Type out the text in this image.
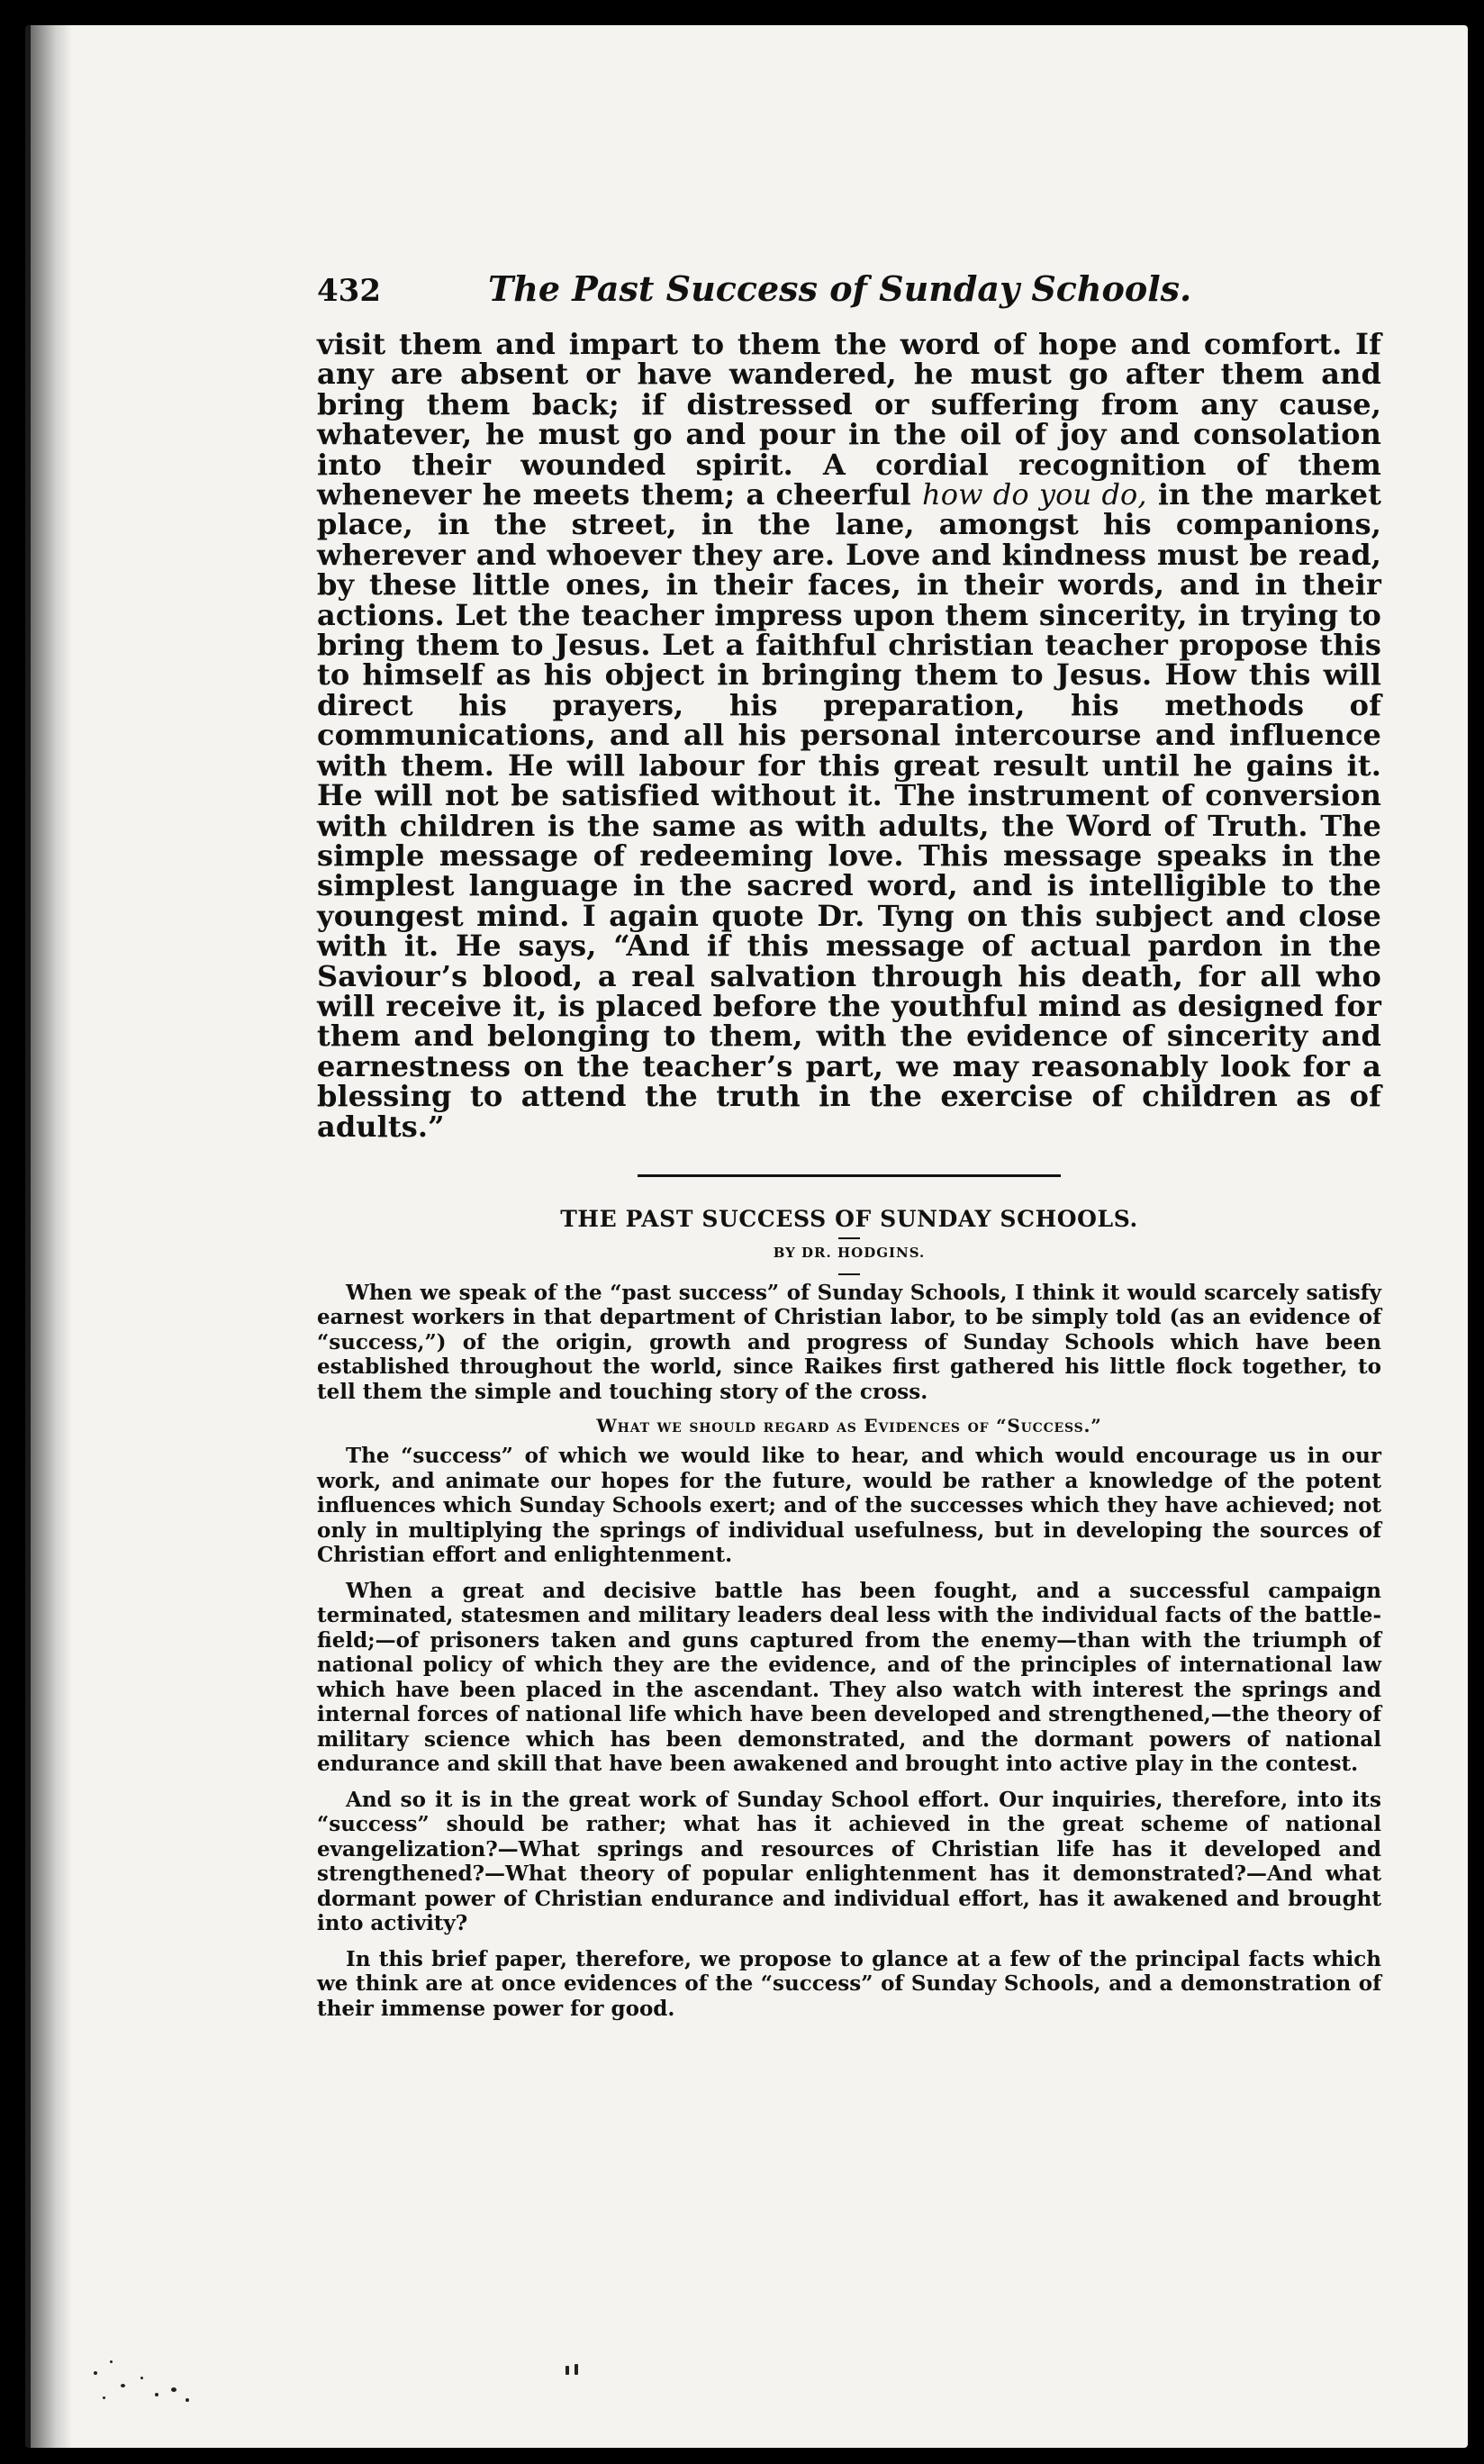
432	The Past Success of Sunday Schools.

visit them and impart to them the word of hope and comfort. If any are absent or have wandered, he must go after them and bring them back; if distressed or suffering from any cause, whatever, he must go and pour in the oil of joy and consolation into their wounded spirit. A cordial recognition of them whenever he meets them; a cheerful how do you do, in the market place, in the street, in the lane, amongst his companions, wherever and whoever they are. Love and kindness must be read, by these little ones, in their faces, in their words, and in their actions. Let the teacher impress upon them sincerity, in trying to bring them to Jesus. Let a faithful christian teacher propose this to himself as his object in bringing them to Jesus. How this will direct his prayers, his preparation, his methods of communications, and all his personal intercourse and influence with them. He will labour for this great result until he gains it. He will not be satisfied without it. The instrument of conversion with children is the same as with adults, the Word of Truth. The simple message of redeeming love. This message speaks in the simplest language in the sacred word, and is intelligible to the youngest mind. I again quote Dr. Tyng on this subject and close with it. He says, “And if this message of actual pardon in the Saviour’s blood, a real salvation through his death, for all who will receive it, is placed before the youthful mind as designed for them and belonging to them, with the evidence of sincerity and earnestness on the teacher’s part, we may reasonably look for a blessing to attend the truth in the exercise of children as of adults.”

THE PAST SUCCESS OF SUNDAY SCHOOLS.
BY DR. HODGINS.

When we speak of the “past success” of Sunday Schools, I think it would scarcely satisfy earnest workers in that department of Christian labor, to be simply told (as an evidence of “success,”) of the origin, growth and progress of Sunday Schools which have been established throughout the world, since Raikes first gathered his little flock together, to tell them the simple and touching story of the cross.

What we should regard as Evidences of “Success.”

The “success” of which we would like to hear, and which would encourage us in our work, and animate our hopes for the future, would be rather a knowledge of the potent influences which Sunday Schools exert; and of the successes which they have achieved; not only in multiplying the springs of individual usefulness, but in developing the sources of Christian effort and enlightenment.

When a great and decisive battle has been fought, and a successful campaign terminated, statesmen and military leaders deal less with the individual facts of the battle-field;—of prisoners taken and guns captured from the enemy—than with the triumph of national policy of which they are the evidence, and of the principles of international law which have been placed in the ascendant. They also watch with interest the springs and internal forces of national life which have been developed and strengthened,—the theory of military science which has been demonstrated, and the dormant powers of national endurance and skill that have been awakened and brought into active play in the contest.

And so it is in the great work of Sunday School effort. Our inquiries, therefore, into its “success” should be rather; what has it achieved in the great scheme of national evangelization?—What springs and resources of Christian life has it developed and strengthened?—What theory of popular enlightenment has it demonstrated?—And what dormant power of Christian endurance and individual effort, has it awakened and brought into activity?

In this brief paper, therefore, we propose to glance at a few of the principal facts which we think are at once evidences of the “success” of Sunday Schools, and a demonstration of their immense power for good.
